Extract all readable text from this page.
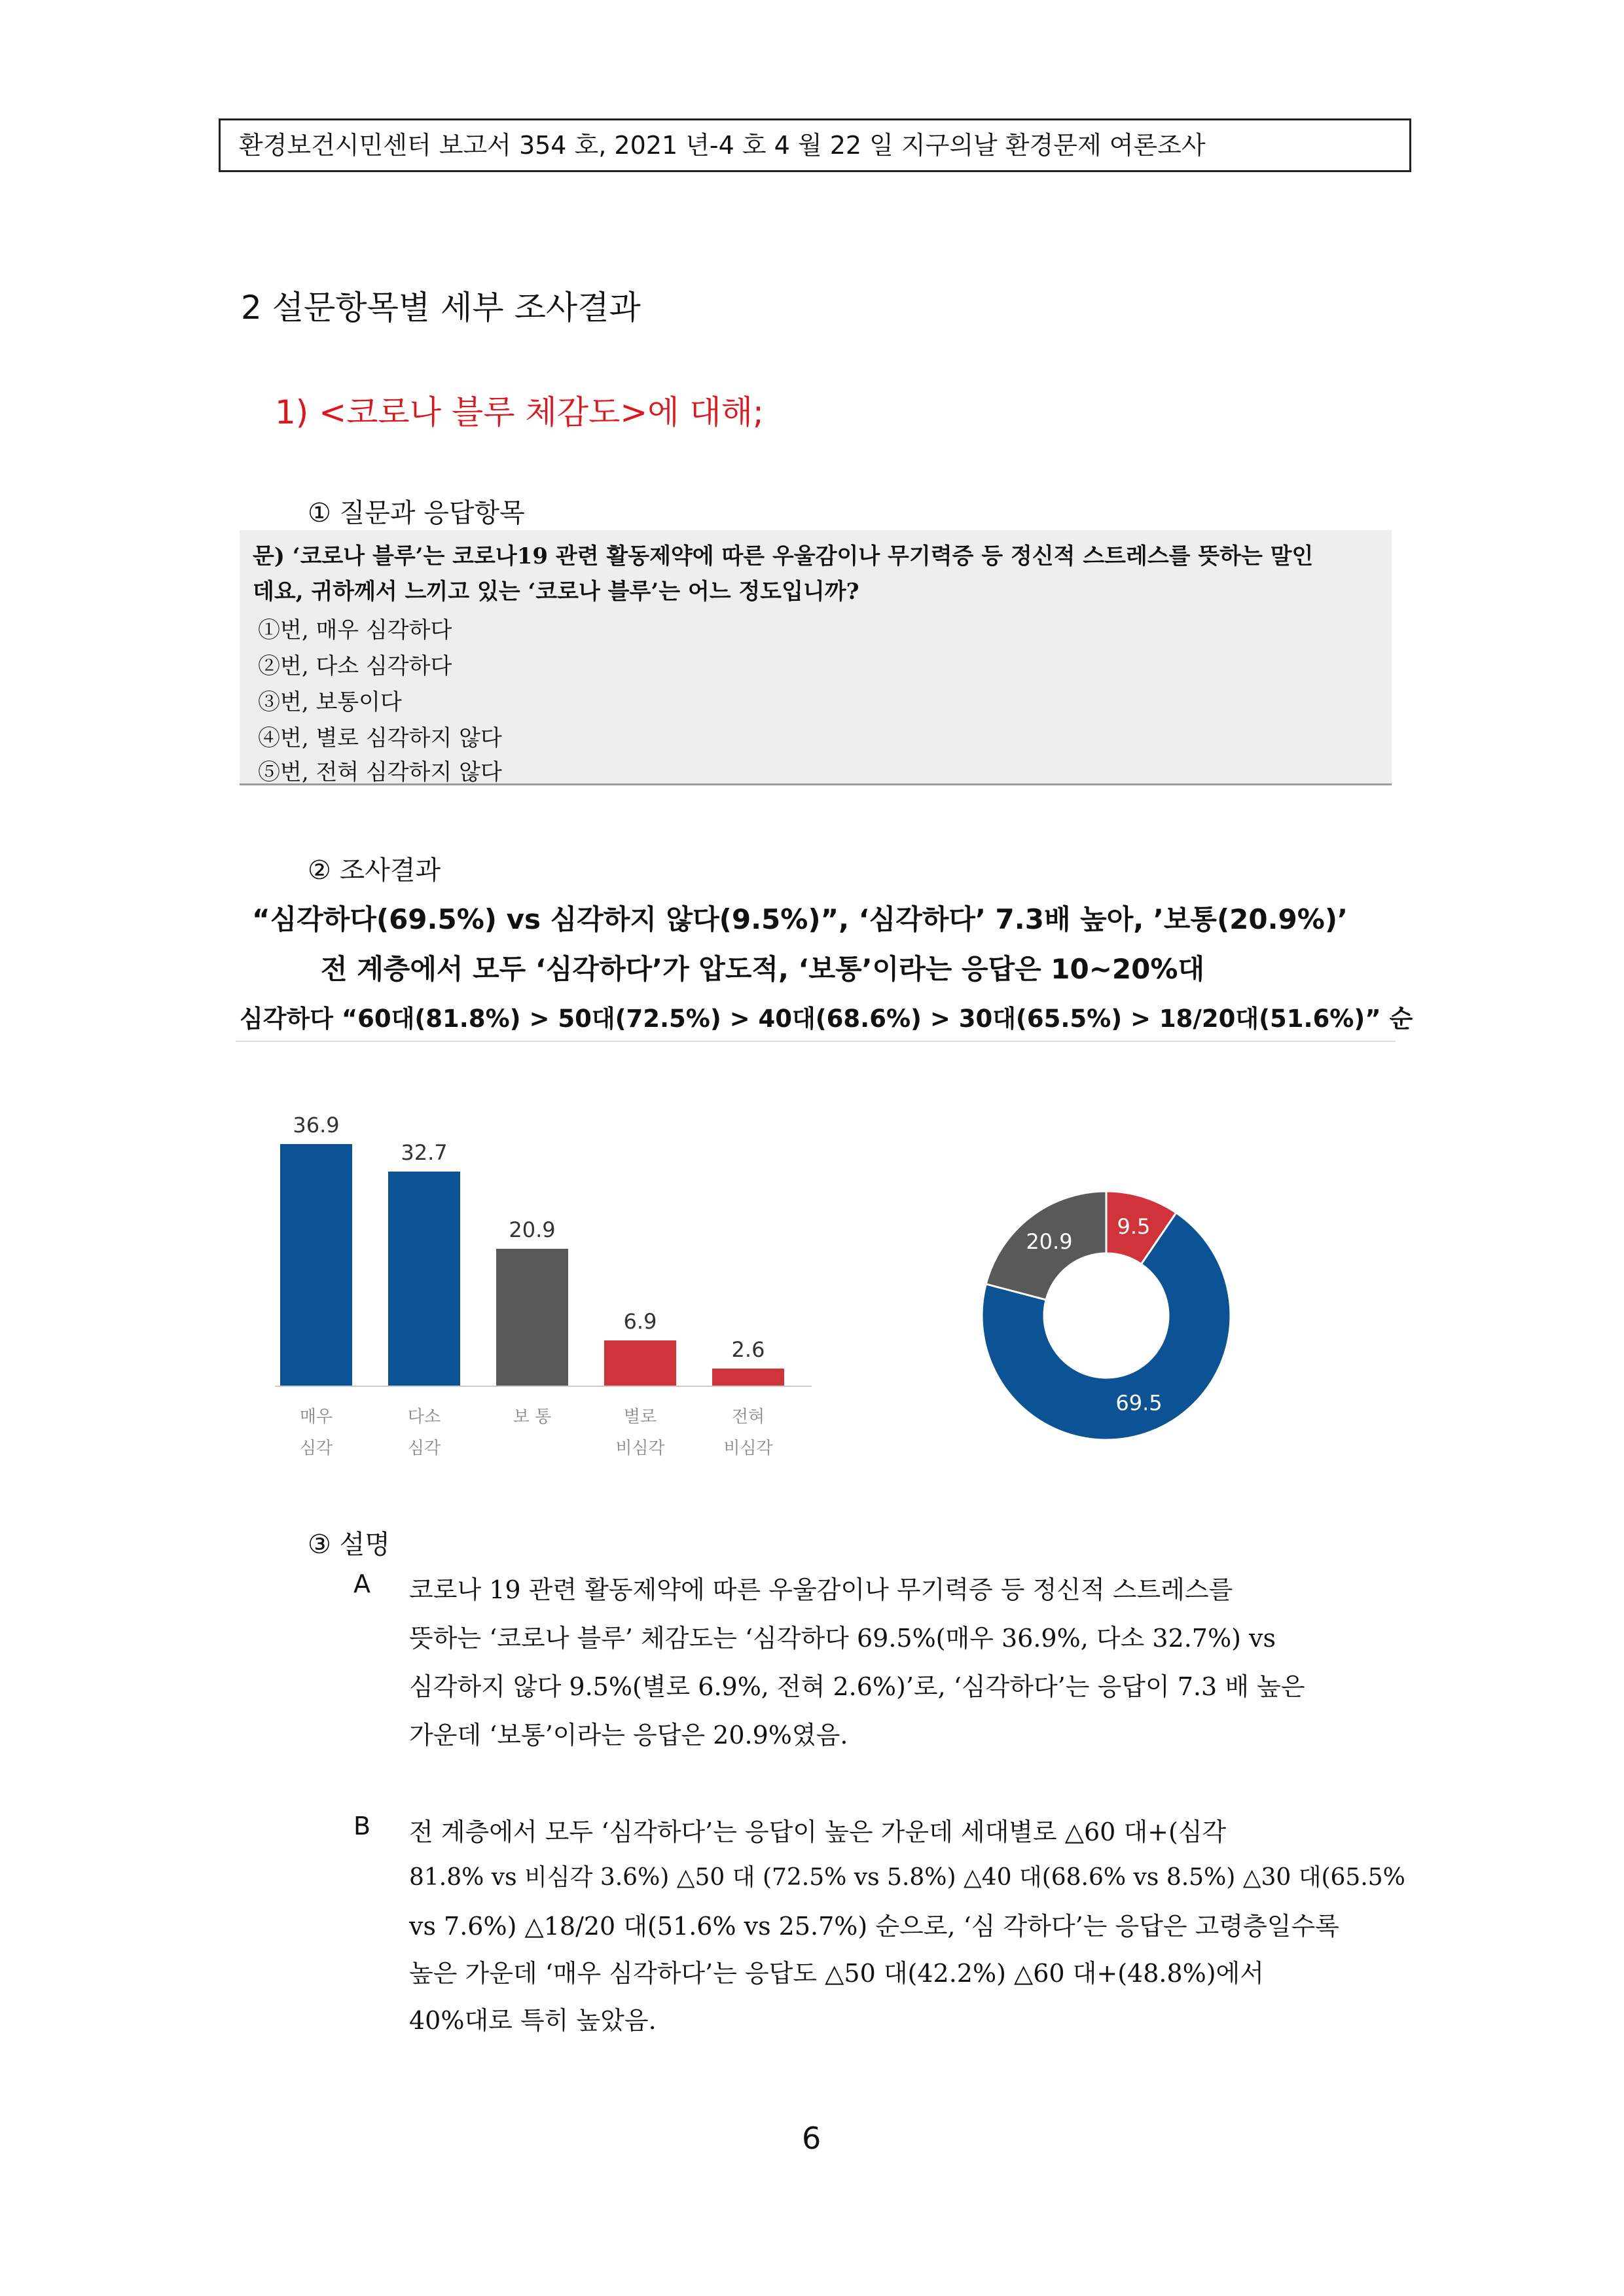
환경보건시민센터 보고서 354 호, 2021 년-4 호 4 월 22 일 지구의날 환경문제 여론조사
2 설문항목별 세부 조사결과
1) <코로나 블루 체감도>에 대해;
① 질문과 응답항목
문) ‘코로나 블루’는 코로나19 관련 활동제약에 따른 우울감이나 무기력증 등 정신적 스트레스를 뜻하는 말인
데요, 귀하께서 느끼고 있는 ‘코로나 블루’는 어느 정도입니까?
①번, 매우 심각하다
②번, 다소 심각하다
③번, 보통이다
④번, 별로 심각하지 않다
⑤번, 전혀 심각하지 않다
② 조사결과
“심각하다(69.5%) vs 심각하지 않다(9.5%)”, ‘심각하다’ 7.3배 높아, ’보통(20.9%)’
전 계층에서 모두 ‘심각하다’가 압도적, ‘보통’이라는 응답은 10~20%대
심각하다 “60대(81.8%) > 50대(72.5%) > 40대(68.6%) > 30대(65.5%) > 18/20대(51.6%)” 순
36.9
매우
심각
32.7
다소
심각
20.9
보 통
6.9
별로
비심각
2.6
전혀
비심각
9.5
69.5
20.9
③ 설명
A 코로나 19 관련 활동제약에 따른 우울감이나 무기력증 등 정신적 스트레스를
뜻하는 ‘코로나 블루’ 체감도는 ‘심각하다 69.5%(매우 36.9%, 다소 32.7%) vs
심각하지 않다 9.5%(별로 6.9%, 전혀 2.6%)’로, ‘심각하다’는 응답이 7.3 배 높은
가운데 ‘보통’이라는 응답은 20.9%였음.
B 전 계층에서 모두 ‘심각하다’는 응답이 높은 가운데 세대별로 △60 대+(심각
81.8% vs 비심각 3.6%) △50 대 (72.5% vs 5.8%) △40 대(68.6% vs 8.5%) △30 대(65.5%
vs 7.6%) △18/20 대(51.6% vs 25.7%) 순으로, ‘심 각하다’는 응답은 고령층일수록
높은 가운데 ‘매우 심각하다’는 응답도 △50 대(42.2%) △60 대+(48.8%)에서
40%대로 특히 높았음.
6
